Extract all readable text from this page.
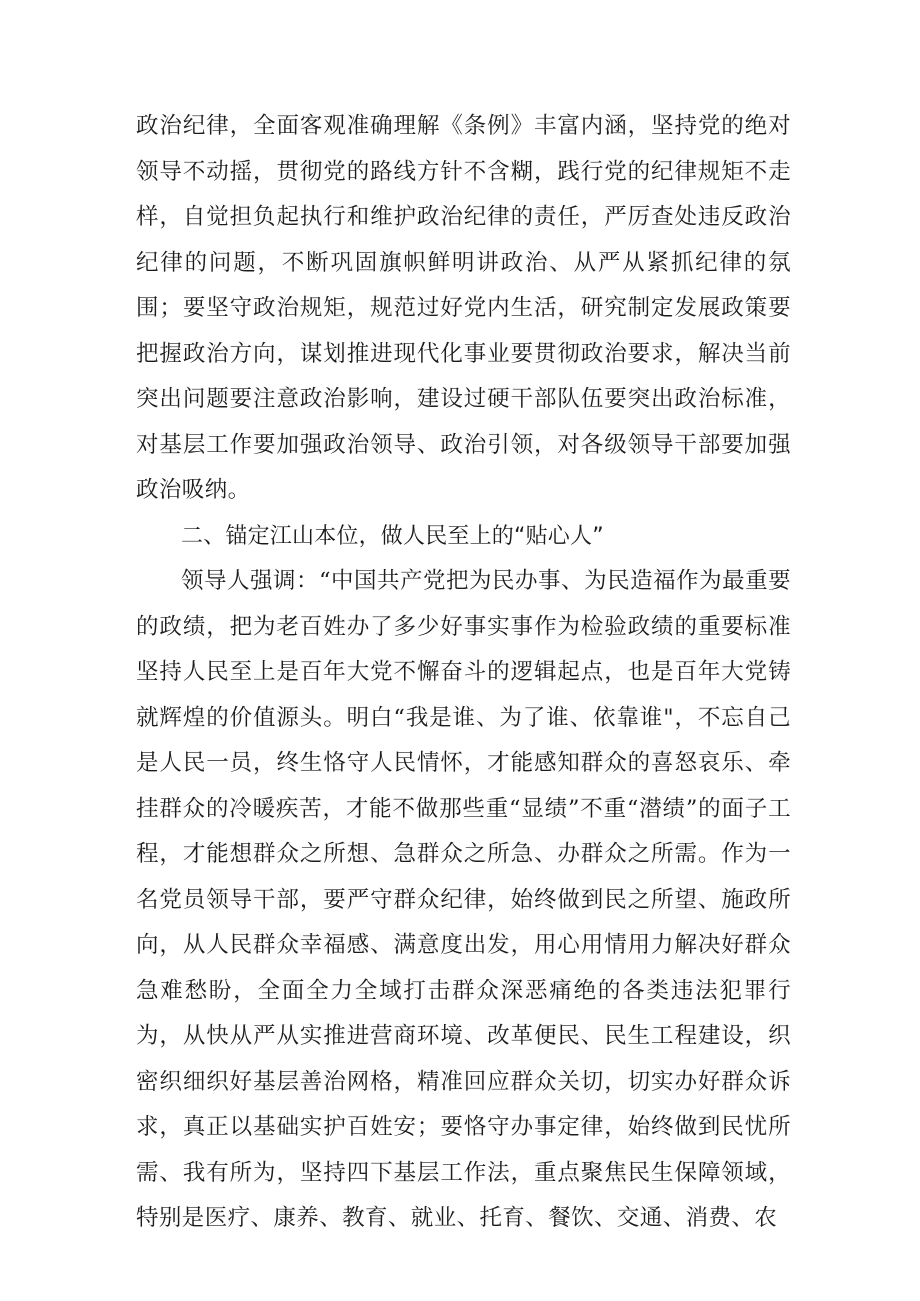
政治纪律，全面客观准确理解《条例》丰富内涵，坚持党的绝对领导不动摇，贯彻党的路线方针不含糊，践行党的纪律规矩不走样，自觉担负起执行和维护政治纪律的责任，严厉查处违反政治纪律的问题，不断巩固旗帜鲜明讲政治、从严从紧抓纪律的氛围；要坚守政治规矩，规范过好党内生活，研究制定发展政策要把握政治方向，谋划推进现代化事业要贯彻政治要求，解决当前突出问题要注意政治影响，建设过硬干部队伍要突出政治标准，对基层工作要加强政治领导、政治引领，对各级领导干部要加强政治吸纳。

二、锚定江山本位，做人民至上的“贴心人”

领导人强调：“中国共产党把为民办事、为民造福作为最重要的政绩，把为老百姓办了多少好事实事作为检验政绩的重要标准坚持人民至上是百年大党不懈奋斗的逻辑起点，也是百年大党铸就辉煌的价值源头。明白“我是谁、为了谁、依靠谁"，不忘自己是人民一员，终生恪守人民情怀，才能感知群众的喜怒哀乐、牵挂群众的冷暖疾苦，才能不做那些重“显绩”不重“潜绩”的面子工程，才能想群众之所想、急群众之所急、办群众之所需。作为一名党员领导干部，要严守群众纪律，始终做到民之所望、施政所向，从人民群众幸福感、满意度出发，用心用情用力解决好群众急难愁盼，全面全力全域打击群众深恶痛绝的各类违法犯罪行为，从快从严从实推进营商环境、改革便民、民生工程建设，织密织细织好基层善治网格，精准回应群众关切，切实办好群众诉求，真正以基础实护百姓安；要恪守办事定律，始终做到民忧所需、我有所为，坚持四下基层工作法，重点聚焦民生保障领域，特别是医疗、康养、教育、就业、托育、餐饮、交通、消费、农
